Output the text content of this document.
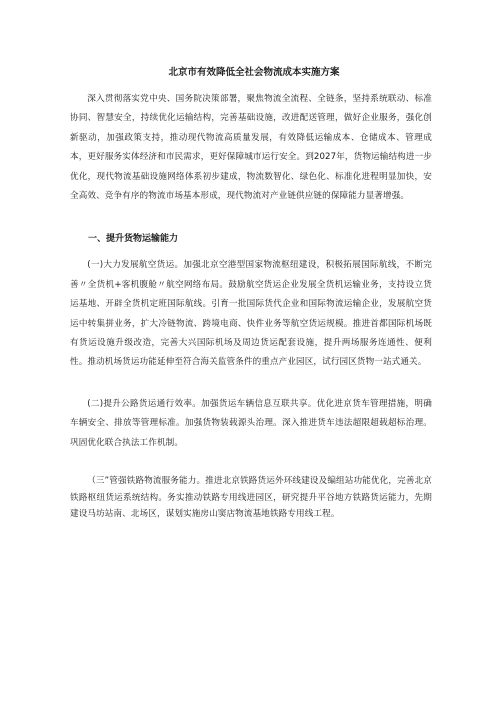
北京市有效降低全社会物流成本实施方案

深入贯彻落实党中央、国务院决策部署，聚焦物流全流程、全链条，坚持系统联动、标准协同、智慧安全，持续优化运输结构，完善基础设施，改进配送管理，做好企业服务，强化创新驱动，加强政策支持，推动现代物流高质量发展，有效降低运输成本、仓储成本、管理成本，更好服务实体经济和市民需求，更好保障城市运行安全。到2027年，货物运输结构进一步优化，现代物流基础设施网络体系初步建成，物流数智化、绿色化、标准化进程明显加快，安全高效、竞争有序的物流市场基本形成，现代物流对产业链供应链的保障能力显著增强。

一、提升货物运输能力

(一)大力发展航空货运。加强北京空港型国家物流枢纽建设，积极拓展国际航线，不断完善〃全货机+客机腹舱〃航空网络布局。鼓励航空货运企业发展全货机运输业务，支持设立货运基地、开辟全货机定班国际航线。引育一批国际货代企业和国际物流运输企业，发展航空货运中转集拼业务，扩大冷链物流、跨境电商、快件业务等航空货运规模。推进首都国际机场既有货运设施升级改造，完善大兴国际机场及周边货运配套设施，提升两场服务连通性、便利性。推动机场货运功能延伸至符合海关监管条件的重点产业园区，试行园区货物一站式通关。

(二)提升公路货运通行效率。加强货运车辆信息互联共享。优化进京货车管理措施，明确车辆安全、排放等管理标准。加强货物装载源头治理。深入推进货车违法超限超载超标治理。巩固优化联合执法工作机制。

（三”管强铁路物流服务能力。推进北京铁路货运外环线建设及编组站功能优化，完善北京铁路枢纽货运系统结构。务实推动铁路专用线进园区，研究提升平谷地方铁路货运能力，先期建设马坊站南、北场区，谋划实施房山窦店物流基地铁路专用线工程。
